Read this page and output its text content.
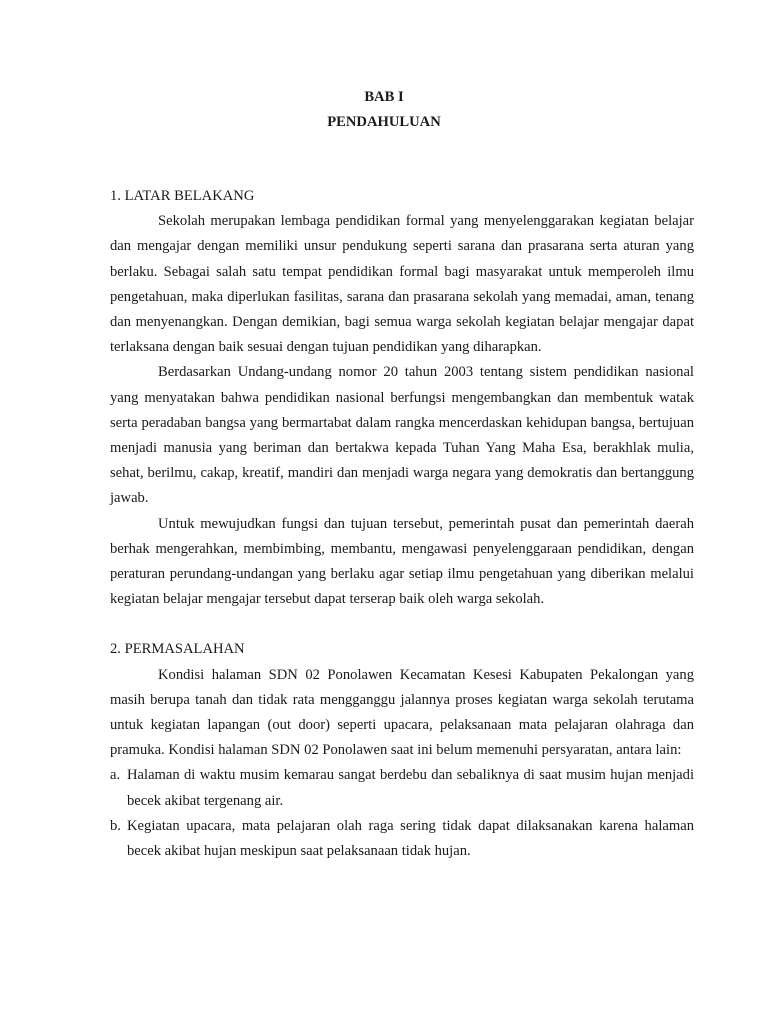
BAB I
PENDAHULUAN
1. LATAR BELAKANG

Sekolah merupakan lembaga pendidikan formal yang menyelenggarakan kegiatan belajar dan mengajar dengan memiliki unsur pendukung seperti sarana dan prasarana serta aturan yang berlaku. Sebagai salah satu tempat pendidikan formal bagi masyarakat untuk memperoleh ilmu pengetahuan, maka diperlukan fasilitas, sarana dan prasarana sekolah yang memadai, aman, tenang dan menyenangkan. Dengan demikian, bagi semua warga sekolah kegiatan belajar mengajar dapat terlaksana dengan baik sesuai dengan tujuan pendidikan yang diharapkan.

Berdasarkan Undang-undang nomor 20 tahun 2003 tentang sistem pendidikan nasional yang menyatakan bahwa pendidikan nasional berfungsi mengembangkan dan membentuk watak serta peradaban bangsa yang bermartabat dalam rangka mencerdaskan kehidupan bangsa, bertujuan menjadi manusia yang beriman dan bertakwa kepada Tuhan Yang Maha Esa, berakhlak mulia, sehat, berilmu, cakap, kreatif, mandiri dan menjadi warga negara yang demokratis dan bertanggung jawab.

Untuk mewujudkan fungsi dan tujuan tersebut, pemerintah pusat dan pemerintah daerah berhak mengerahkan, membimbing, membantu, mengawasi penyelenggaraan pendidikan, dengan peraturan perundang-undangan yang berlaku agar setiap ilmu pengetahuan yang diberikan melalui kegiatan belajar mengajar tersebut dapat terserap baik oleh warga sekolah.

2. PERMASALAHAN

Kondisi halaman SDN 02 Ponolawen Kecamatan Kesesi Kabupaten Pekalongan yang masih berupa tanah dan tidak rata mengganggu jalannya proses kegiatan warga sekolah terutama untuk kegiatan lapangan (out door) seperti upacara, pelaksanaan mata pelajaran olahraga dan pramuka. Kondisi halaman SDN 02 Ponolawen saat ini belum memenuhi persyaratan, antara lain:

a. Halaman di waktu musim kemarau sangat berdebu dan sebaliknya di saat musim hujan menjadi becek akibat tergenang air.
b. Kegiatan upacara, mata pelajaran olah raga sering tidak dapat dilaksanakan karena halaman becek akibat hujan meskipun saat pelaksanaan tidak hujan.
